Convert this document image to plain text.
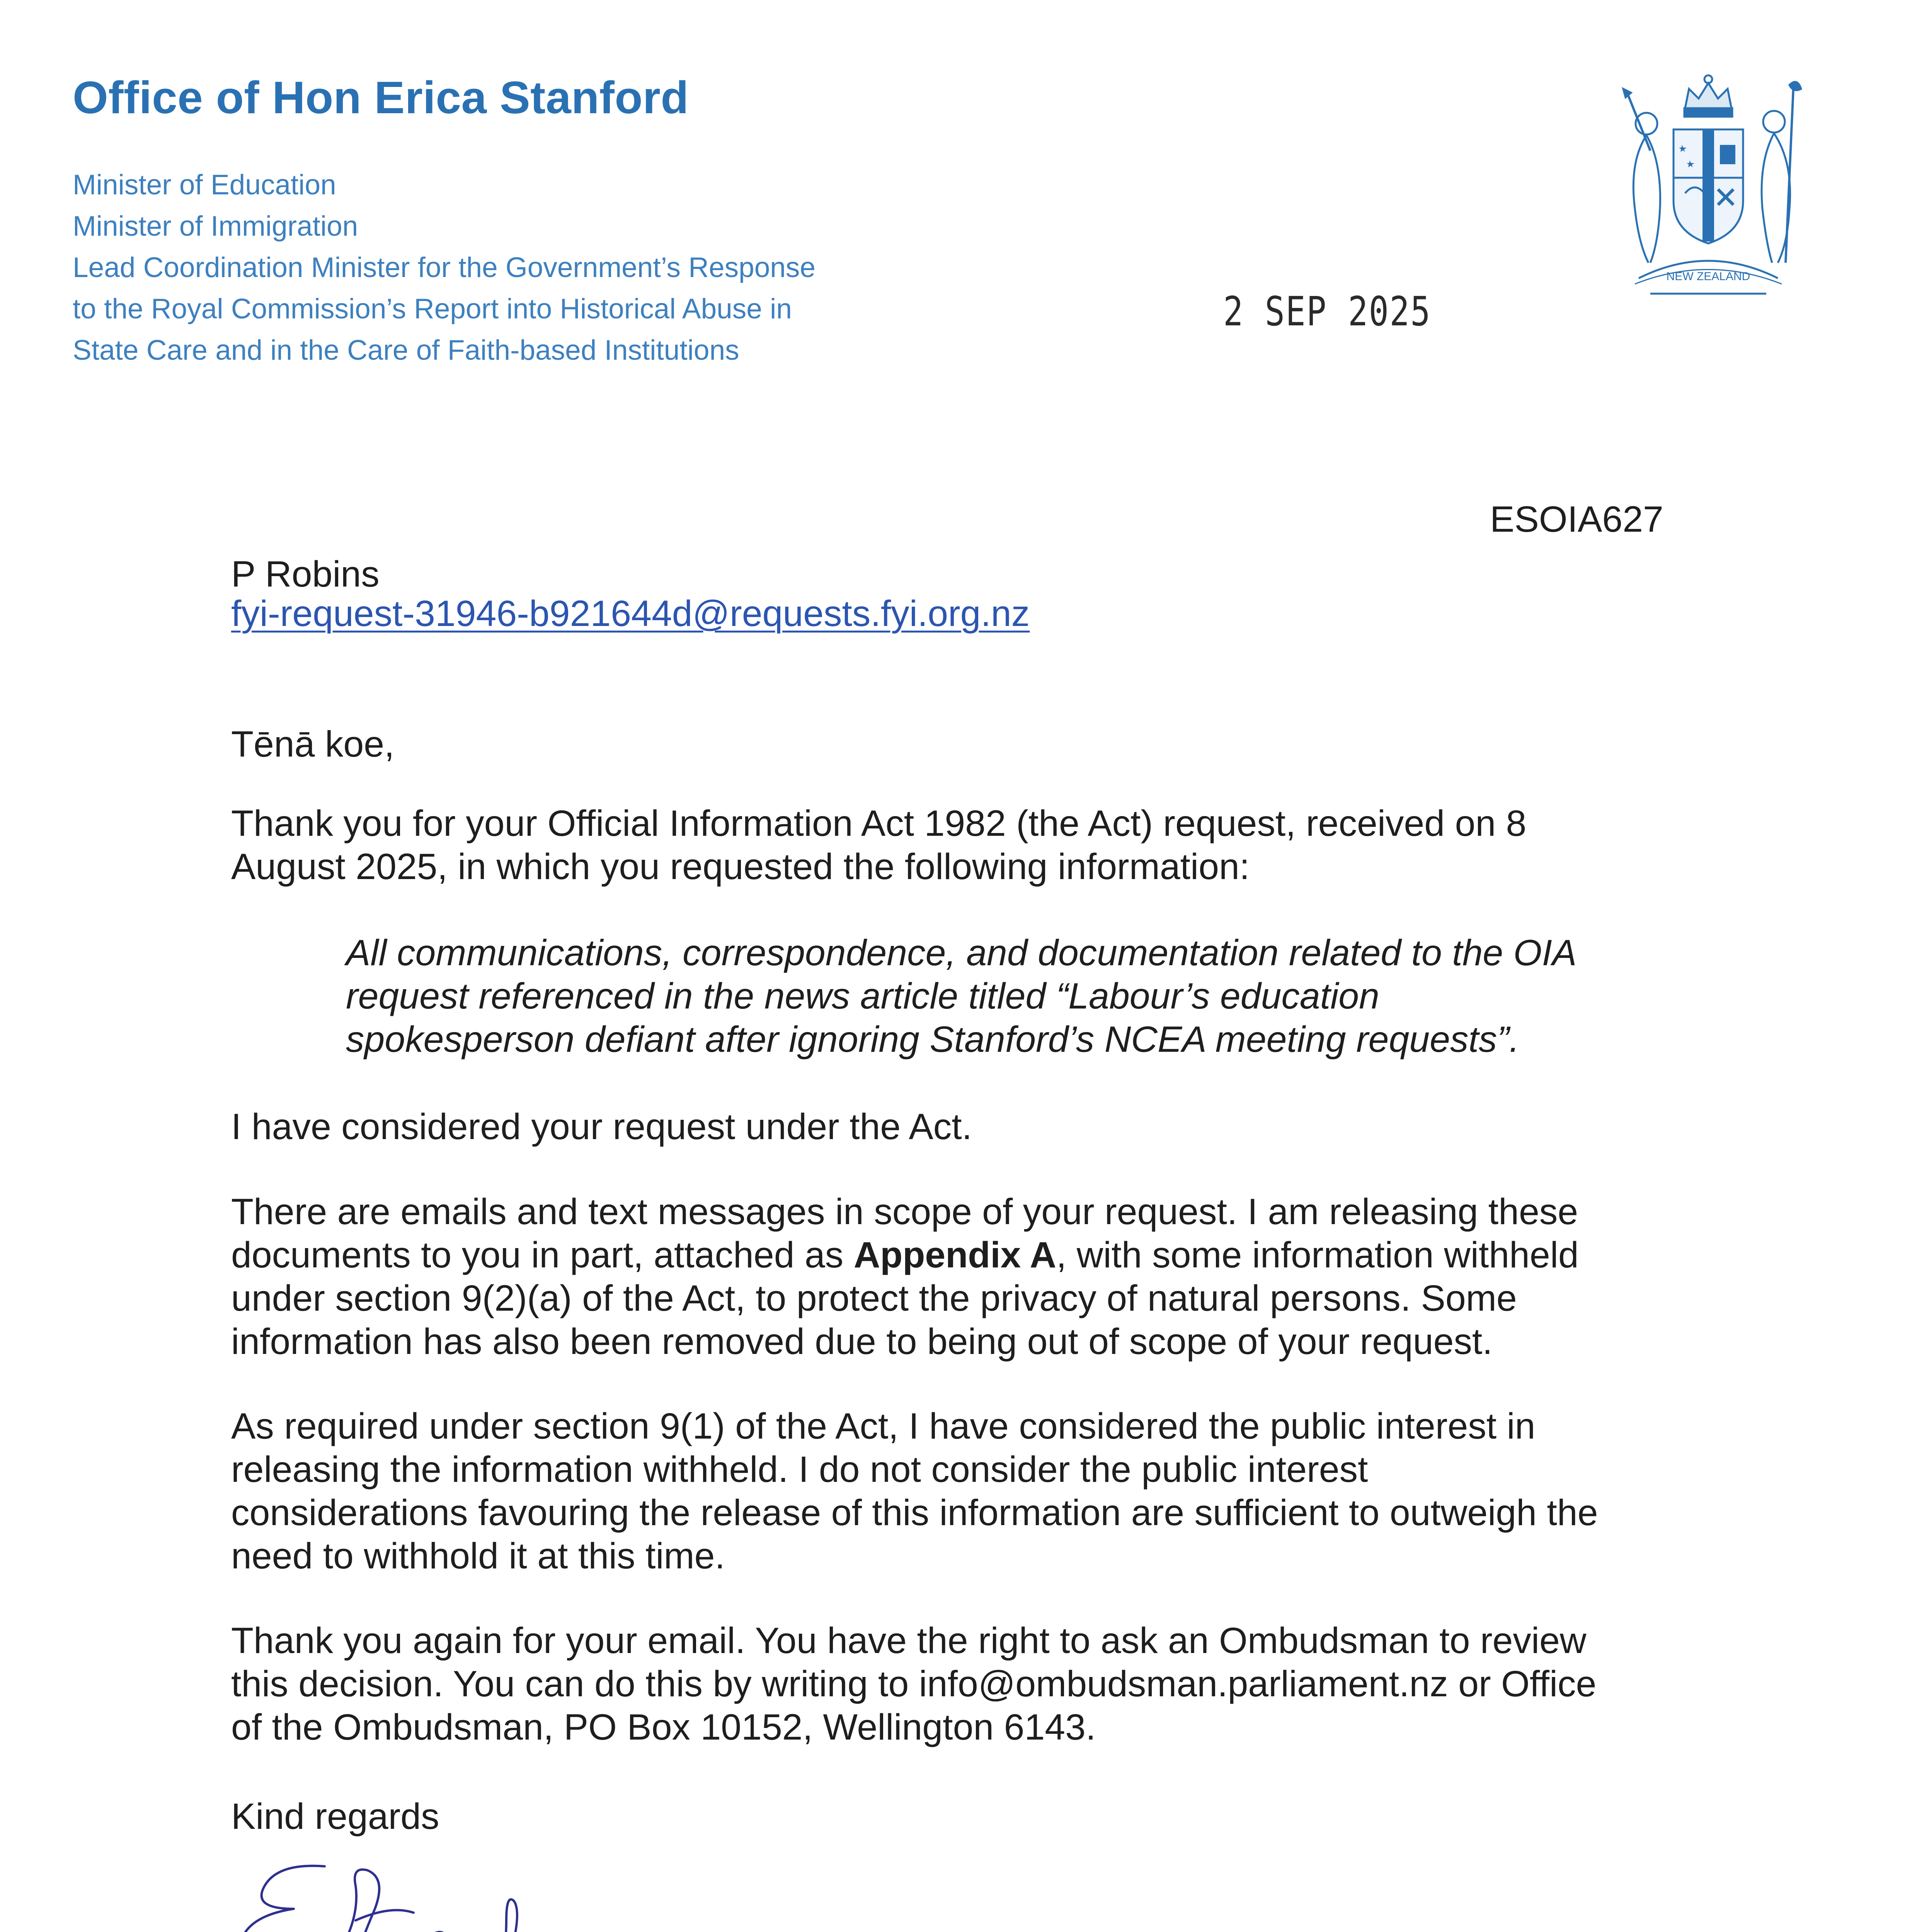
Office of Hon Erica Stanford
Minister of Education
Minister of Immigration
Lead Coordination Minister for the Government’s Response
to the Royal Commission’s Report into Historical Abuse in
State Care and in the Care of Faith-based Institutions
NEW ZEALAND
2 SEP 2025
ESOIA627
P Robins
fyi-request-31946-b921644d@requests.fyi.org.nz
Tēnā koe,
Thank you for your Official Information Act 1982 (the Act) request, received on 8
August 2025, in which you requested the following information:
All communications, correspondence, and documentation related to the OIA
request referenced in the news article titled “Labour’s education
spokesperson defiant after ignoring Stanford’s NCEA meeting requests”.
I have considered your request under the Act.
There are emails and text messages in scope of your request. I am releasing these
documents to you in part, attached as Appendix A, with some information withheld
under section 9(2)(a) of the Act, to protect the privacy of natural persons. Some
information has also been removed due to being out of scope of your request.
As required under section 9(1) of the Act, I have considered the public interest in
releasing the information withheld. I do not consider the public interest
considerations favouring the release of this information are sufficient to outweigh the
need to withhold it at this time.
Thank you again for your email. You have the right to ask an Ombudsman to review
this decision. You can do this by writing to info@ombudsman.parliament.nz or Office
of the Ombudsman, PO Box 10152, Wellington 6143.
Kind regards
